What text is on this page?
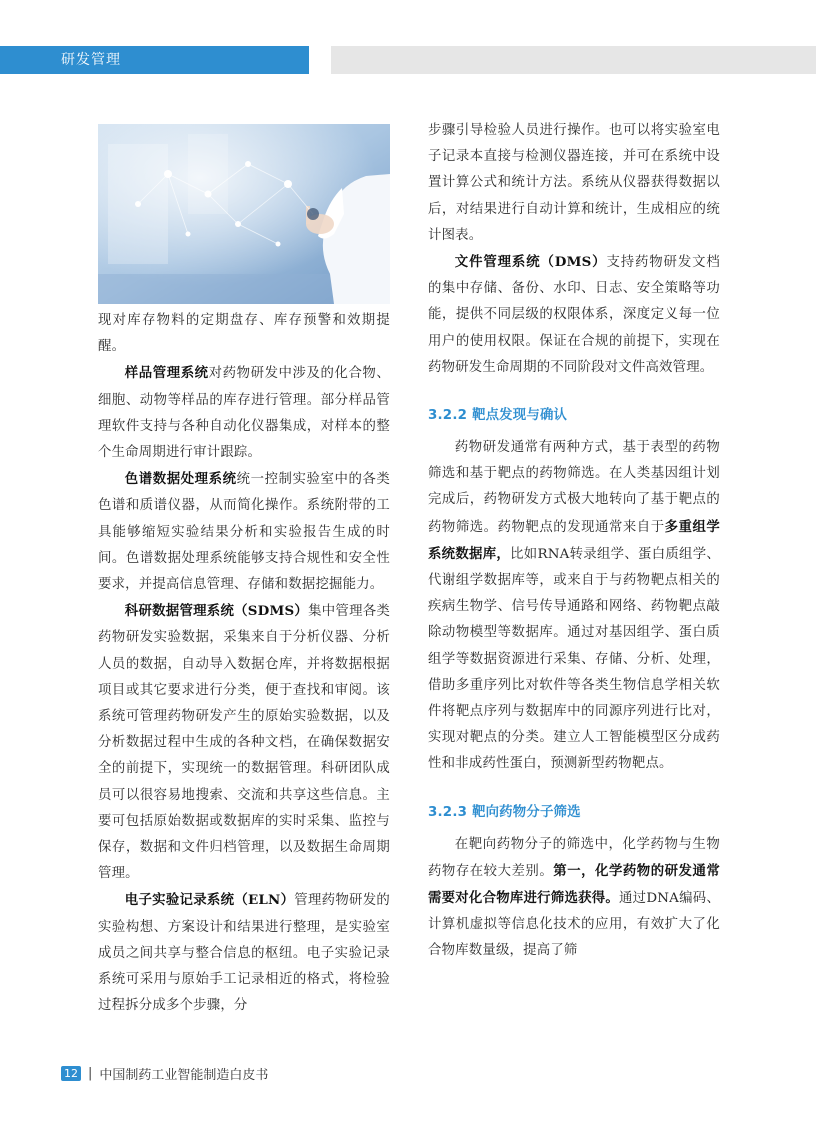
研发管理

现对库存物料的定期盘存、库存预警和效期提醒。

样品管理系统对药物研发中涉及的化合物、细胞、动物等样品的库存进行管理。部分样品管理软件支持与各种自动化仪器集成，对样本的整个生命周期进行审计跟踪。

色谱数据处理系统统一控制实验室中的各类色谱和质谱仪器，从而简化操作。系统附带的工具能够缩短实验结果分析和实验报告生成的时间。色谱数据处理系统能够支持合规性和安全性要求，并提高信息管理、存储和数据挖掘能力。

科研数据管理系统（SDMS）集中管理各类药物研发实验数据，采集来自于分析仪器、分析人员的数据，自动导入数据仓库，并将数据根据项目或其它要求进行分类，便于查找和审阅。该系统可管理药物研发产生的原始实验数据，以及分析数据过程中生成的各种文档，在确保数据安全的前提下，实现统一的数据管理。科研团队成员可以很容易地搜索、交流和共享这些信息。主要可包括原始数据或数据库的实时采集、监控与保存，数据和文件归档管理，以及数据生命周期管理。

电子实验记录系统（ELN）管理药物研发的实验构想、方案设计和结果进行整理，是实验室成员之间共享与整合信息的枢纽。电子实验记录系统可采用与原始手工记录相近的格式，将检验过程拆分成多个步骤，分

步骤引导检验人员进行操作。也可以将实验室电子记录本直接与检测仪器连接，并可在系统中设置计算公式和统计方法。系统从仪器获得数据以后，对结果进行自动计算和统计，生成相应的统计图表。

文件管理系统（DMS）支持药物研发文档的集中存储、备份、水印、日志、安全策略等功能，提供不同层级的权限体系，深度定义每一位用户的使用权限。保证在合规的前提下，实现在药物研发生命周期的不同阶段对文件高效管理。

3.2.2 靶点发现与确认

药物研发通常有两种方式，基于表型的药物筛选和基于靶点的药物筛选。在人类基因组计划完成后，药物研发方式极大地转向了基于靶点的药物筛选。药物靶点的发现通常来自于多重组学系统数据库，比如RNA转录组学、蛋白质组学、代谢组学数据库等，或来自于与药物靶点相关的疾病生物学、信号传导通路和网络、药物靶点敲除动物模型等数据库。通过对基因组学、蛋白质组学等数据资源进行采集、存储、分析、处理，借助多重序列比对软件等各类生物信息学相关软件将靶点序列与数据库中的同源序列进行比对，实现对靶点的分类。建立人工智能模型区分成药性和非成药性蛋白，预测新型药物靶点。

3.2.3 靶向药物分子筛选

在靶向药物分子的筛选中，化学药物与生物药物存在较大差别。第一，化学药物的研发通常需要对化合物库进行筛选获得。通过DNA编码、计算机虚拟等信息化技术的应用，有效扩大了化合物库数量级，提高了筛

12 | 中国制药工业智能制造白皮书
